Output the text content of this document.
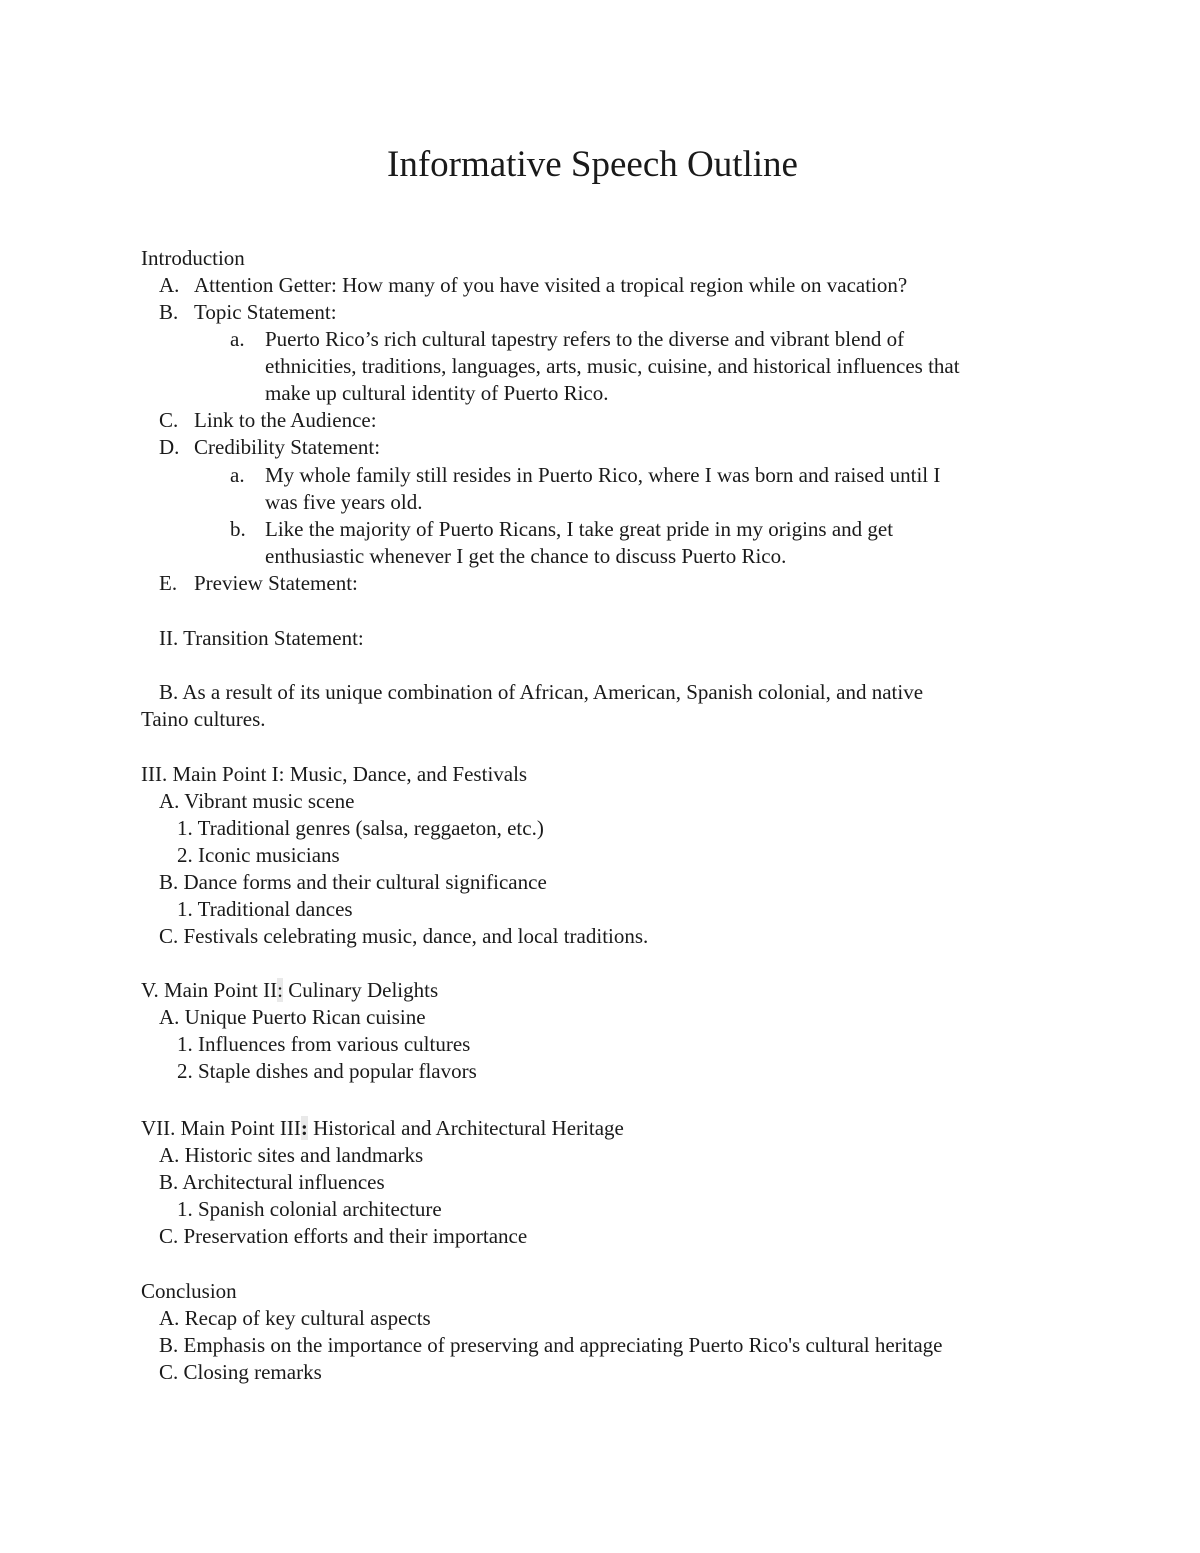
Informative Speech Outline
Introduction
A. Attention Getter: How many of you have visited a tropical region while on vacation?
B. Topic Statement:
a. Puerto Rico’s rich cultural tapestry refers to the diverse and vibrant blend of
ethnicities, traditions, languages, arts, music, cuisine, and historical influences that
make up cultural identity of Puerto Rico.
C. Link to the Audience:
D. Credibility Statement:
a. My whole family still resides in Puerto Rico, where I was born and raised until I
was five years old.
b. Like the majority of Puerto Ricans, I take great pride in my origins and get
enthusiastic whenever I get the chance to discuss Puerto Rico.
E. Preview Statement:
II. Transition Statement:
B. As a result of its unique combination of African, American, Spanish colonial, and native
Taino cultures.
III. Main Point I: Music, Dance, and Festivals
A. Vibrant music scene
1. Traditional genres (salsa, reggaeton, etc.)
2. Iconic musicians
B. Dance forms and their cultural significance
1. Traditional dances
C. Festivals celebrating music, dance, and local traditions.
V. Main Point II: Culinary Delights
A. Unique Puerto Rican cuisine
1. Influences from various cultures
2. Staple dishes and popular flavors
VII. Main Point III: Historical and Architectural Heritage
A. Historic sites and landmarks
B. Architectural influences
1. Spanish colonial architecture
C. Preservation efforts and their importance
Conclusion
A. Recap of key cultural aspects
B. Emphasis on the importance of preserving and appreciating Puerto Rico's cultural heritage
C. Closing remarks
